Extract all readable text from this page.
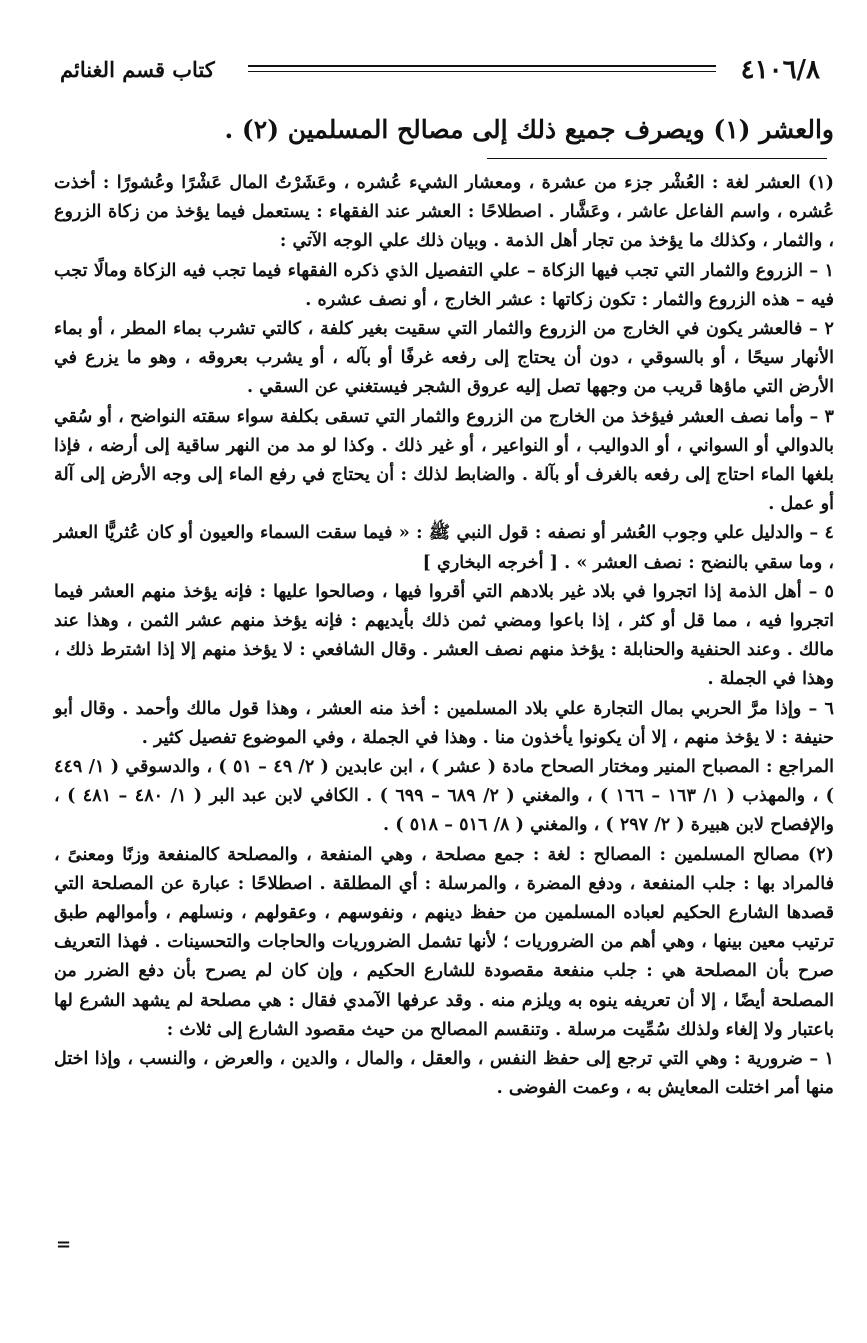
٤١٠٦/٨
كتاب قسم الغنائم
والعشر (١) ويصرف جميع ذلك إلى مصالح المسلمين (٢) .

(١) العشر لغة : العُشْر جزء من عشرة ، ومعشار الشيء عُشره ، وعَشَرْتُ المال عَشْرًا وعُشورًا : أخذت عُشره ، واسم الفاعل عاشر ، وعَشَّار . اصطلاحًا : العشر عند الفقهاء : يستعمل فيما يؤخذ من زكاة الزروع ، والثمار ، وكذلك ما يؤخذ من تجار أهل الذمة . وبيان ذلك علي الوجه الآتي :

١ – الزروع والثمار التي تجب فيها الزكاة – علي التفصيل الذي ذكره الفقهاء فيما تجب فيه الزكاة ومالًا تجب فيه – هذه الزروع والثمار : تكون زكاتها : عشر الخارج ، أو نصف عشره .

٢ – فالعشر يكون في الخارج من الزروع والثمار التي سقيت بغير كلفة ، كالتي تشرب بماء المطر ، أو بماء الأنهار سيحًا ، أو بالسوقي ، دون أن يحتاج إلى رفعه غرفًا أو بآله ، أو يشرب بعروقه ، وهو ما يزرع في الأرض التي ماؤها قريب من وجهها تصل إليه عروق الشجر فيستغني عن السقي .

٣ – وأما نصف العشر فيؤخذ من الخارج من الزروع والثمار التي تسقى بكلفة سواء سقته النواضح ، أو سُقي بالدوالي أو السواني ، أو الدواليب ، أو النواعير ، أو غير ذلك . وكذا لو مد من النهر ساقية إلى أرضه ، فإذا بلغها الماء احتاج إلى رفعه بالغرف أو بآلة . والضابط لذلك : أن يحتاج في رفع الماء إلى وجه الأرض إلى آلة أو عمل .

٤ – والدليل علي وجوب العُشر أو نصفه : قول النبي ﷺ : « فيما سقت السماء والعيون أو كان عُثريًّا العشر ، وما سقي بالنضح : نصف العشر » . [ أخرجه البخاري ]

٥ – أهل الذمة إذا اتجروا في بلاد غير بلادهم التي أقروا فيها ، وصالحوا عليها : فإنه يؤخذ منهم العشر فيما اتجروا فيه ، مما قل أو كثر ، إذا باعوا ومضي ثمن ذلك بأيديهم : فإنه يؤخذ منهم عشر الثمن ، وهذا عند مالك . وعند الحنفية والحنابلة : يؤخذ منهم نصف العشر . وقال الشافعي : لا يؤخذ منهم إلا إذا اشترط ذلك ، وهذا في الجملة .

٦ – وإذا مرَّ الحربي بمال التجارة علي بلاد المسلمين : أخذ منه العشر ، وهذا قول مالك وأحمد . وقال أبو حنيفة : لا يؤخذ منهم ، إلا أن يكونوا يأخذون منا . وهذا في الجملة ، وفي الموضوع تفصيل كثير .

المراجع : المصباح المنير ومختار الصحاح مادة ( عشر ) ، ابن عابدين ( ٢/ ٤٩ – ٥١ ) ، والدسوقي ( ١/ ٤٤٩ ) ، والمهذب ( ١/ ١٦٣ – ١٦٦ ) ، والمغني ( ٢/ ٦٨٩ – ٦٩٩ ) . الكافي لابن عبد البر ( ١/ ٤٨٠ – ٤٨١ ) ، والإفصاح لابن هبيرة ( ٢/ ٢٩٧ ) ، والمغني ( ٨/ ٥١٦ – ٥١٨ ) .

(٢) مصالح المسلمين : المصالح : لغة : جمع مصلحة ، وهي المنفعة ، والمصلحة كالمنفعة وزنًا ومعنىً ، فالمراد بها : جلب المنفعة ، ودفع المضرة ، والمرسلة : أي المطلقة . اصطلاحًا : عبارة عن المصلحة التي قصدها الشارع الحكيم لعباده المسلمين من حفظ دينهم ، ونفوسهم ، وعقولهم ، ونسلهم ، وأموالهم طبق ترتيب معين بينها ، وهي أهم من الضروريات ؛ لأنها تشمل الضروريات والحاجات والتحسينات . فهذا التعريف صرح بأن المصلحة هي : جلب منفعة مقصودة للشارع الحكيم ، وإن كان لم يصرح بأن دفع الضرر من المصلحة أيضًا ، إلا أن تعريفه ينوه به ويلزم منه . وقد عرفها الآمدي فقال : هي مصلحة لم يشهد الشرع لها باعتبار ولا إلغاء ولذلك سُمِّيت مرسلة . وتنقسم المصالح من حيث مقصود الشارع إلى ثلاث :

١ – ضرورية : وهي التي ترجع إلى حفظ النفس ، والعقل ، والمال ، والدين ، والعرض ، والنسب ، وإذا اختل منها أمر اختلت المعايش به ، وعمت الفوضى .

=
